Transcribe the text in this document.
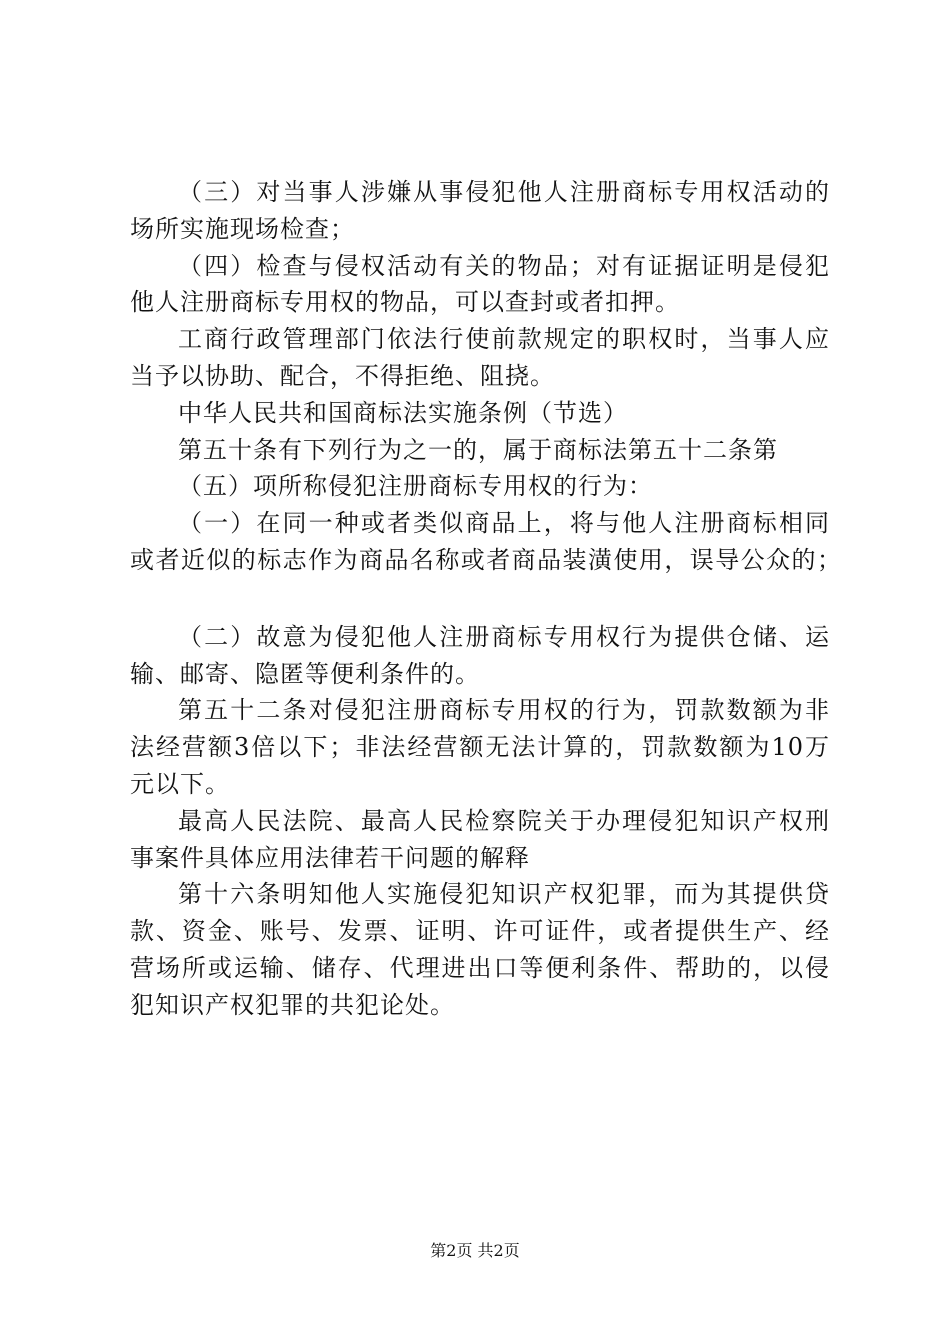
（三）对当事人涉嫌从事侵犯他人注册商标专用权活动的
场所实施现场检查；
（四）检查与侵权活动有关的物品；对有证据证明是侵犯
他人注册商标专用权的物品，可以查封或者扣押。
工商行政管理部门依法行使前款规定的职权时，当事人应
当予以协助、配合，不得拒绝、阻挠。
中华人民共和国商标法实施条例（节选）
第五十条有下列行为之一的，属于商标法第五十二条第
（五）项所称侵犯注册商标专用权的行为：
（一）在同一种或者类似商品上，将与他人注册商标相同
或者近似的标志作为商品名称或者商品装潢使用，误导公众的；
（二）故意为侵犯他人注册商标专用权行为提供仓储、运
输、邮寄、隐匿等便利条件的。
第五十二条对侵犯注册商标专用权的行为，罚款数额为非
法经营额3倍以下；非法经营额无法计算的，罚款数额为10万
元以下。
最高人民法院、最高人民检察院关于办理侵犯知识产权刑
事案件具体应用法律若干问题的解释
第十六条明知他人实施侵犯知识产权犯罪，而为其提供贷
款、资金、账号、发票、证明、许可证件，或者提供生产、经
营场所或运输、储存、代理进出口等便利条件、帮助的，以侵
犯知识产权犯罪的共犯论处。
第2页 共2页
